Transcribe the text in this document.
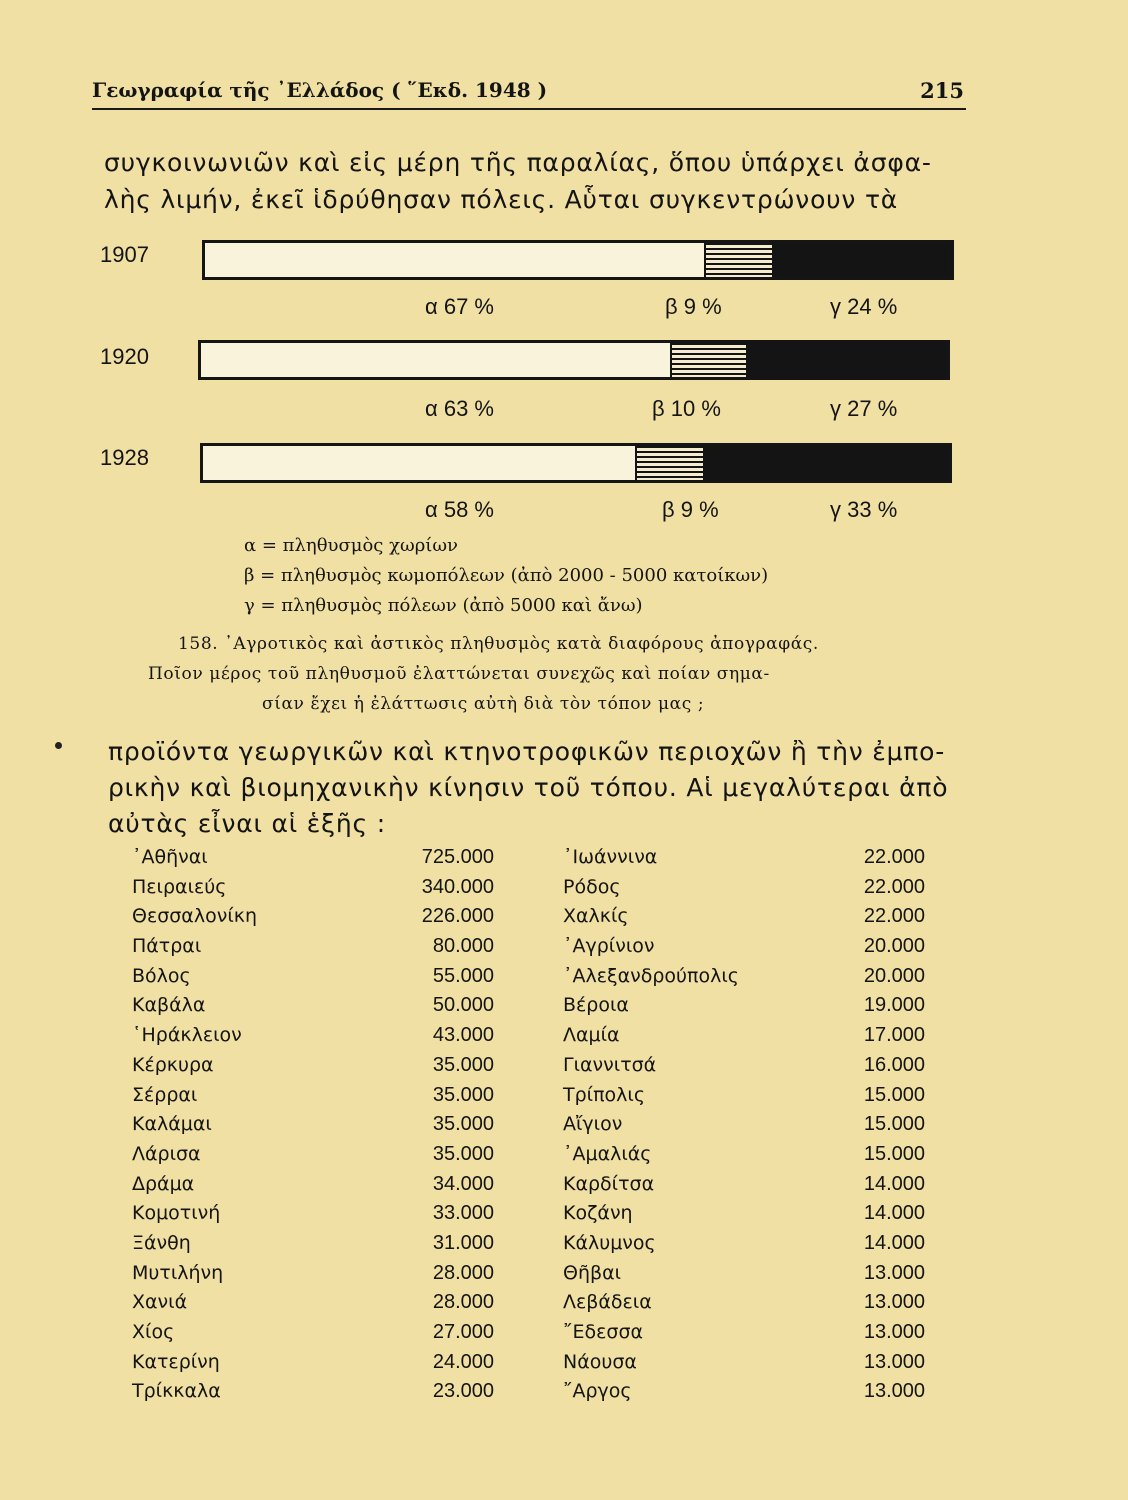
Γεωγραφία τῆς ᾽Ελλάδος ( ῞Εκδ. 1948 )	215
συγκοινωνιῶν καὶ εἰς μέρη τῆς παραλίας, ὅπου ὑπάρχει ἀσφα-
λὴς λιμήν, ἐκεῖ ἱδρύθησαν πόλεις. Αὗται συγκεντρώνουν τὰ
1907
α 67 %	β 9 %	γ 24 %
1920
α 63 %	β 10 %	γ 27 %
1928
α 58 %	β 9 %	γ 33 %
α = πληθυσμὸς χωρίων
β = πληθυσμὸς κωμοπόλεων (ἀπὸ 2000 - 5000 κατοίκων)
γ = πληθυσμὸς πόλεων (ἀπὸ 5000 καὶ ἄνω)
158. ᾽Αγροτικὸς καὶ ἀστικὸς πληθυσμὸς κατὰ διαφόρους ἀπογραφάς.
Ποῖον μέρος τοῦ πληθυσμοῦ ἐλαττώνεται συνεχῶς καὶ ποίαν σημα-
σίαν ἔχει ἡ ἐλάττωσις αὐτὴ διὰ τὸν τόπον μας ;
προϊόντα γεωργικῶν καὶ κτηνοτροφικῶν περιοχῶν ἢ τὴν ἐμπο-
ρικὴν καὶ βιομηχανικὴν κίνησιν τοῦ τόπου. Αἱ μεγαλύτεραι ἀπὸ
αὐτὰς εἶναι αἱ ἑξῆς :
᾽Αθῆναι	725.000
Πειραιεύς	340.000
Θεσσαλονίκη	226.000
Πάτραι	80.000
Βόλος	55.000
Καβάλα	50.000
῾Ηράκλειον	43.000
Κέρκυρα	35.000
Σέρραι	35.000
Καλάμαι	35.000
Λάρισα	35.000
Δράμα	34.000
Κομοτινή	33.000
Ξάνθη	31.000
Μυτιλήνη	28.000
Χανιά	28.000
Χίος	27.000
Κατερίνη	24.000
Τρίκκαλα	23.000
᾽Ιωάννινα	22.000
Ρόδος	22.000
Χαλκίς	22.000
᾽Αγρίνιον	20.000
᾽Αλεξανδρούπολις	20.000
Βέροια	19.000
Λαμία	17.000
Γιαννιτσά	16.000
Τρίπολις	15.000
Αἴγιον	15.000
᾽Αμαλιάς	15.000
Καρδίτσα	14.000
Κοζάνη	14.000
Κάλυμνος	14.000
Θῆβαι	13.000
Λεβάδεια	13.000
῎Εδεσσα	13.000
Νάουσα	13.000
῎Αργος	13.000
